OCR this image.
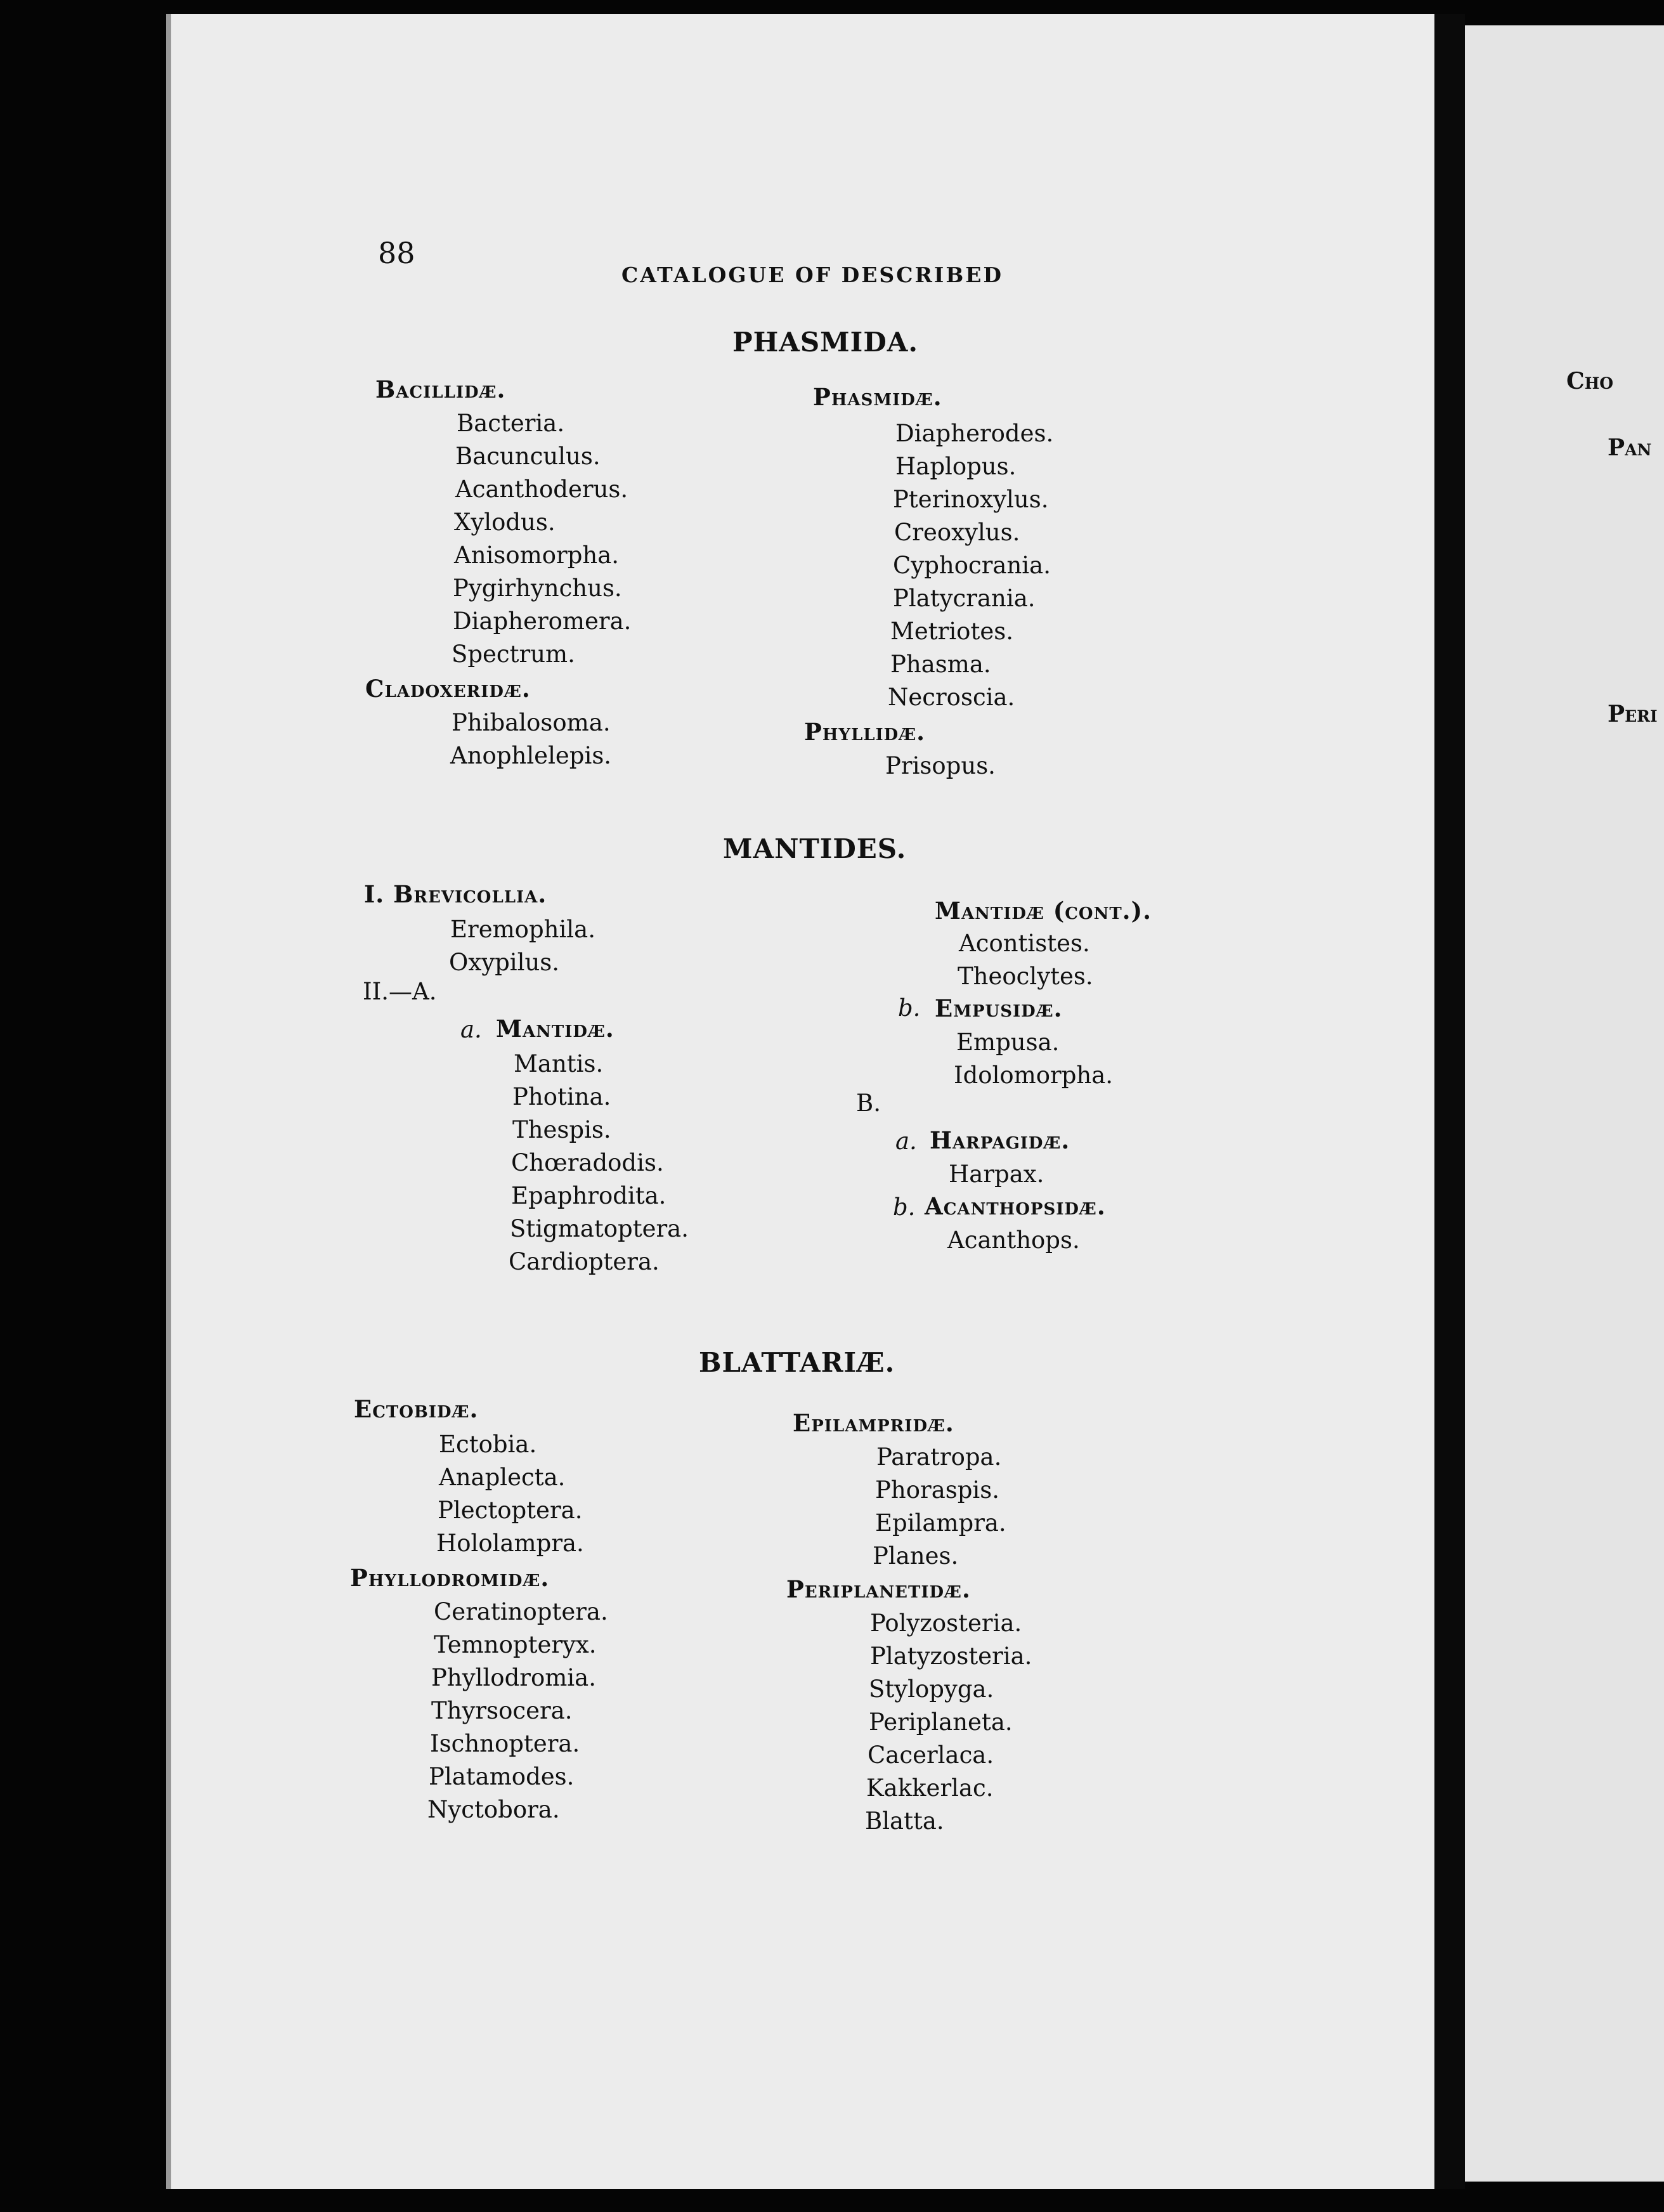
Cho
Pan
Peri
88
CATALOGUE OF DESCRIBED
PHASMIDA.
Bacillidæ.
Bacteria.
Bacunculus.
Acanthoderus.
Xylodus.
Anisomorpha.
Pygirhynchus.
Diapheromera.
Spectrum.
Cladoxeridæ.
Phibalosoma.
Anophlelepis.
Phasmidæ.
Diapherodes.
Haplopus.
Pterinoxylus.
Creoxylus.
Cyphocrania.
Platycrania.
Metriotes.
Phasma.
Necroscia.
Phyllidæ.
Prisopus.
MANTIDES.
I. Brevicollia.
Eremophila.
Oxypilus.
II.—A.
a. Mantidæ.
Mantis.
Photina.
Thespis.
Chœradodis.
Epaphrodita.
Stigmatoptera.
Cardioptera.
Mantidæ (cont.).
Acontistes.
Theoclytes.
b. Empusidæ.
Empusa.
Idolomorpha.
B.
a. Harpagidæ.
Harpax.
b. Acanthopsidæ.
Acanthops.
BLATTARIÆ.
Ectobidæ.
Ectobia.
Anaplecta.
Plectoptera.
Hololampra.
Phyllodromidæ.
Ceratinoptera.
Temnopteryx.
Phyllodromia.
Thyrsocera.
Ischnoptera.
Platamodes.
Nyctobora.
Epilampridæ.
Paratropa.
Phoraspis.
Epilampra.
Planes.
Periplanetidæ.
Polyzosteria.
Platyzosteria.
Stylopyga.
Periplaneta.
Cacerlaca.
Kakkerlac.
Blatta.
